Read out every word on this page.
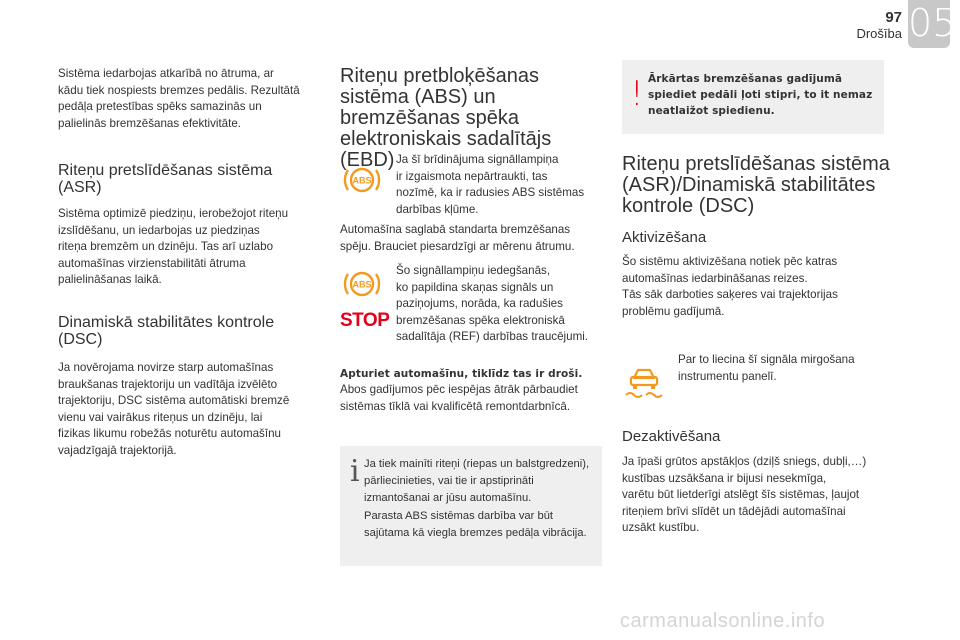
97
Drošība 05

Sistēma iedarbojas atkarībā no ātruma, ar

kādu tiek nospiests bremzes pedālis. Rezultātā

pedāļa pretestības spēks samazinās un

palielinās bremzēšanas efektivitāte.

Riteņu pretslīdēšanas sistēma
(ASR)

Sistēma optimizē piedziņu, ierobežojot riteņu

izslīdēšanu, un iedarbojas uz piedziņas

riteņa bremzēm un dzinēju. Tas arī uzlabo

automašīnas virzienstabilitāti ātruma

palielināšanas laikā.

Dinamiskā stabilitātes kontrole
(DSC)

Ja novērojama novirze starp automašīnas

braukšanas trajektoriju un vadītāja izvēlēto

trajektoriju, DSC sistēma automātiski bremzē

vienu vai vairākus riteņus un dzinēju, lai

fizikas likumu robežās noturētu automašīnu

vajadzīgajā trajektorijā.

Riteņu pretbloķēšanas
sistēma (ABS) un
bremzēšanas spēka
elektroniskais sadalītājs (EBD)
ABS

Ja šī brīdinājuma signāllampiņa

ir izgaismota nepārtraukti, tas

nozīmē, ka ir radusies ABS sistēmas

darbības kļūme.

Automašīna saglabā standarta bremzēšanas

spēju. Brauciet piesardzīgi ar mērenu ātrumu.

ABS
STOP

Šo signāllampiņu iedegšanās,

ko papildina skaņas signāls un

paziņojums, norāda, ka radušies

bremzēšanas spēka elektroniskā

sadalītāja (REF) darbības traucējumi.

Apturiet automašīnu, tiklīdz tas ir droši.

Abos gadījumos pēc iespējas ātrāk pārbaudiet

sistēmas tīklā vai kvalificētā remontdarbnīcā.

i Ja tiek mainīti riteņi (riepas un balstgredzeni),

pārliecinieties, vai tie ir apstiprināti

izmantošanai ar jūsu automašīnu.

Parasta ABS sistēmas darbība var būt

sajūtama kā viegla bremzes pedāļa vibrācija.

! Ārkārtas bremzēšanas gadījumā

spiediet pedāli ļoti stipri, to it nemaz

neatlaižot spiedienu.

Riteņu pretslīdēšanas sistēma
(ASR)/Dinamiskā stabilitātes
kontrole (DSC)
Aktivizēšana

Šo sistēmu aktivizēšana notiek pēc katras

automašīnas iedarbināšanas reizes.

Tās sāk darboties saķeres vai trajektorijas

problēmu gadījumā.

Par to liecina šī signāla mirgošana

instrumentu panelī.

Dezaktivēšana

Ja īpaši grūtos apstākļos (dziļš sniegs, dubļi,…)

kustības uzsākšana ir bijusi nesekmīga,

varētu būt lietderīgi atslēgt šīs sistēmas, ļaujot

riteņiem brīvi slīdēt un tādējādi automašīnai

uzsākt kustību.

carmanualsonline.info
